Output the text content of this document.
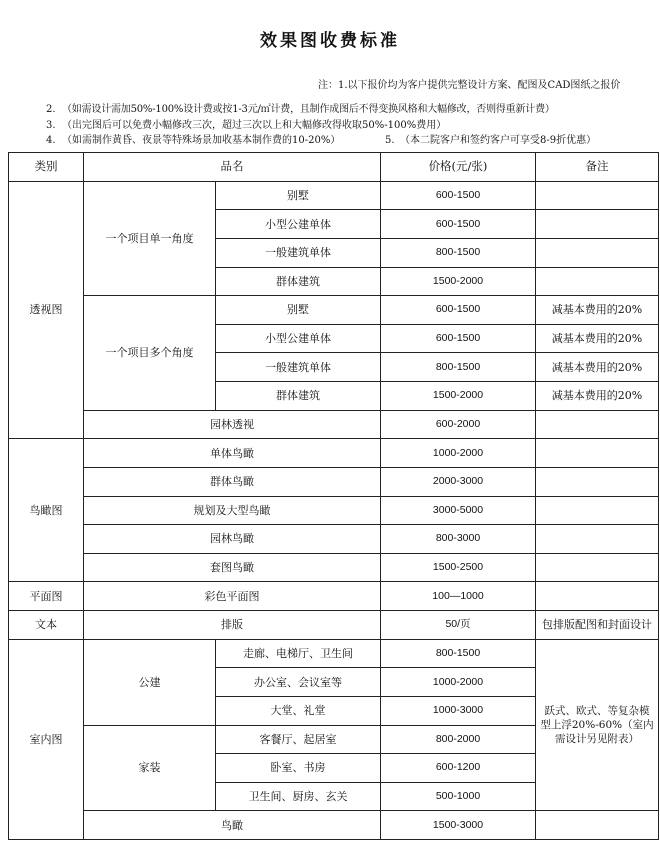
效果图收费标准
注：1.以下报价均为客户提供完整设计方案、配图及CAD图纸之报价
2. （如需设计需加50%-100%设计费或按1-3元/㎡计费，且制作成图后不得变换风格和大幅修改，否则得重新计费）
3. （出完图后可以免费小幅修改三次，超过三次以上和大幅修改得收取50%-100%费用）
4. （如需制作黄昏、夜景等特殊场景加收基本制作费的10-20%）	5. （本二院客户和签约客户可享受8-9折优惠）
类别	品名		价格(元/张)	备注
透视图	一个项目单一角度	别墅	600-1500	
		小型公建单体	600-1500	
		一般建筑单体	800-1500	
		群体建筑	1500-2000	
	一个项目多个角度	别墅	600-1500	减基本费用的20%
		小型公建单体	600-1500	减基本费用的20%
		一般建筑单体	800-1500	减基本费用的20%
		群体建筑	1500-2000	减基本费用的20%
	园林透视		600-2000	
鸟瞰图	单体鸟瞰		1000-2000	
	群体鸟瞰		2000-3000	
	规划及大型鸟瞰		3000-5000	
	园林鸟瞰		800-3000	
	套图鸟瞰		1500-2500	
平面图	彩色平面图		100—1000	
文本	排版		50/页	包排版配图和封面设计
室内图	公建	走廊、电梯厅、卫生间	800-1500	跃式、欧式、等复杂模型上浮20%-60%（室内需设计另见附表）
		办公室、会议室等	1000-2000	
		大堂、礼堂	1000-3000	
	家装	客餐厅、起居室	800-2000	
		卧室、书房	600-1200	
		卫生间、厨房、玄关	500-1000	
	鸟瞰		1500-3000	
